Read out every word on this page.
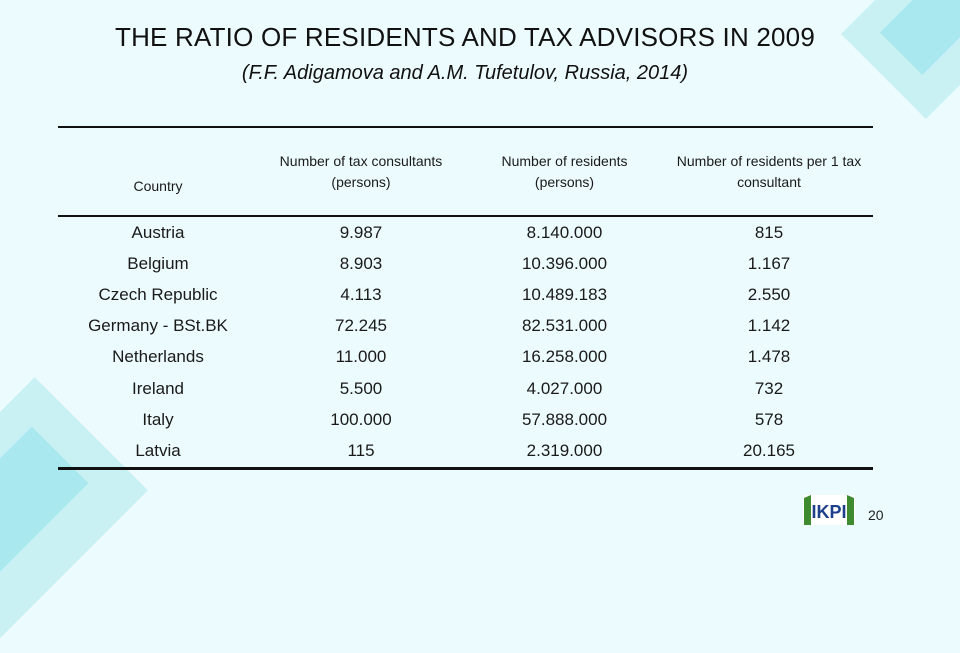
THE RATIO OF RESIDENTS AND TAX ADVISORS IN 2009
(F.F. Adigamova and A.M. Tufetulov, Russia, 2014)
Country	Number of tax consultants (persons)	Number of residents (persons)	Number of residents per 1 tax consultant
Austria	9.987	8.140.000	815
Belgium	8.903	10.396.000	1.167
Czech Republic	4.113	10.489.183	2.550
Germany - BSt.BK	72.245	82.531.000	1.142
Netherlands	11.000	16.258.000	1.478
Ireland	5.500	4.027.000	732
Italy	100.000	57.888.000	578
Latvia	115	2.319.000	20.165
IKPI 20
